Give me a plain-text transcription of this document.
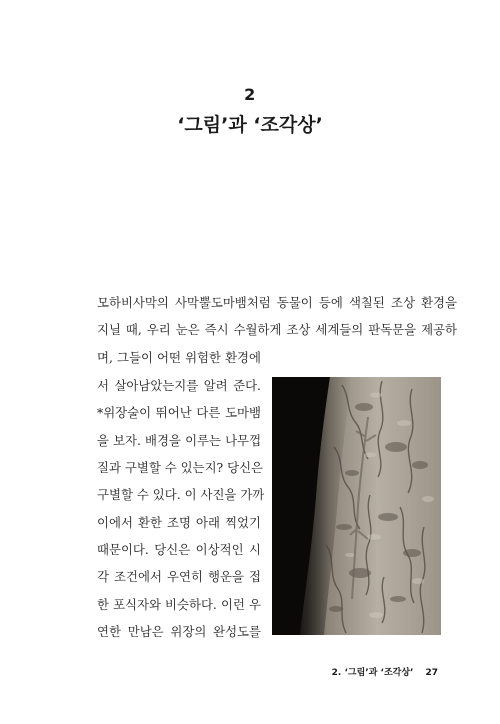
2
‘그림’과 ‘조각상’
모하비사막의 사막뿔도마뱀처럼 동물이 등에 색칠된 조상 환경을
지닐 때, 우리 눈은 즉시 수월하게 조상 세계들의 판독문을 제공하
며, 그들이 어떤 위험한 환경에
서 살아남았는지를 알려 준다.
*위장술이 뛰어난 다른 도마뱀
을 보자. 배경을 이루는 나무껍
질과 구별할 수 있는지? 당신은
구별할 수 있다. 이 사진을 가까
이에서 환한 조명 아래 찍었기
때문이다. 당신은 이상적인 시
각 조건에서 우연히 행운을 접
한 포식자와 비슷하다. 이런 우
연한 만남은 위장의 완성도를
2. ‘그림’과 ‘조각상’ 27
